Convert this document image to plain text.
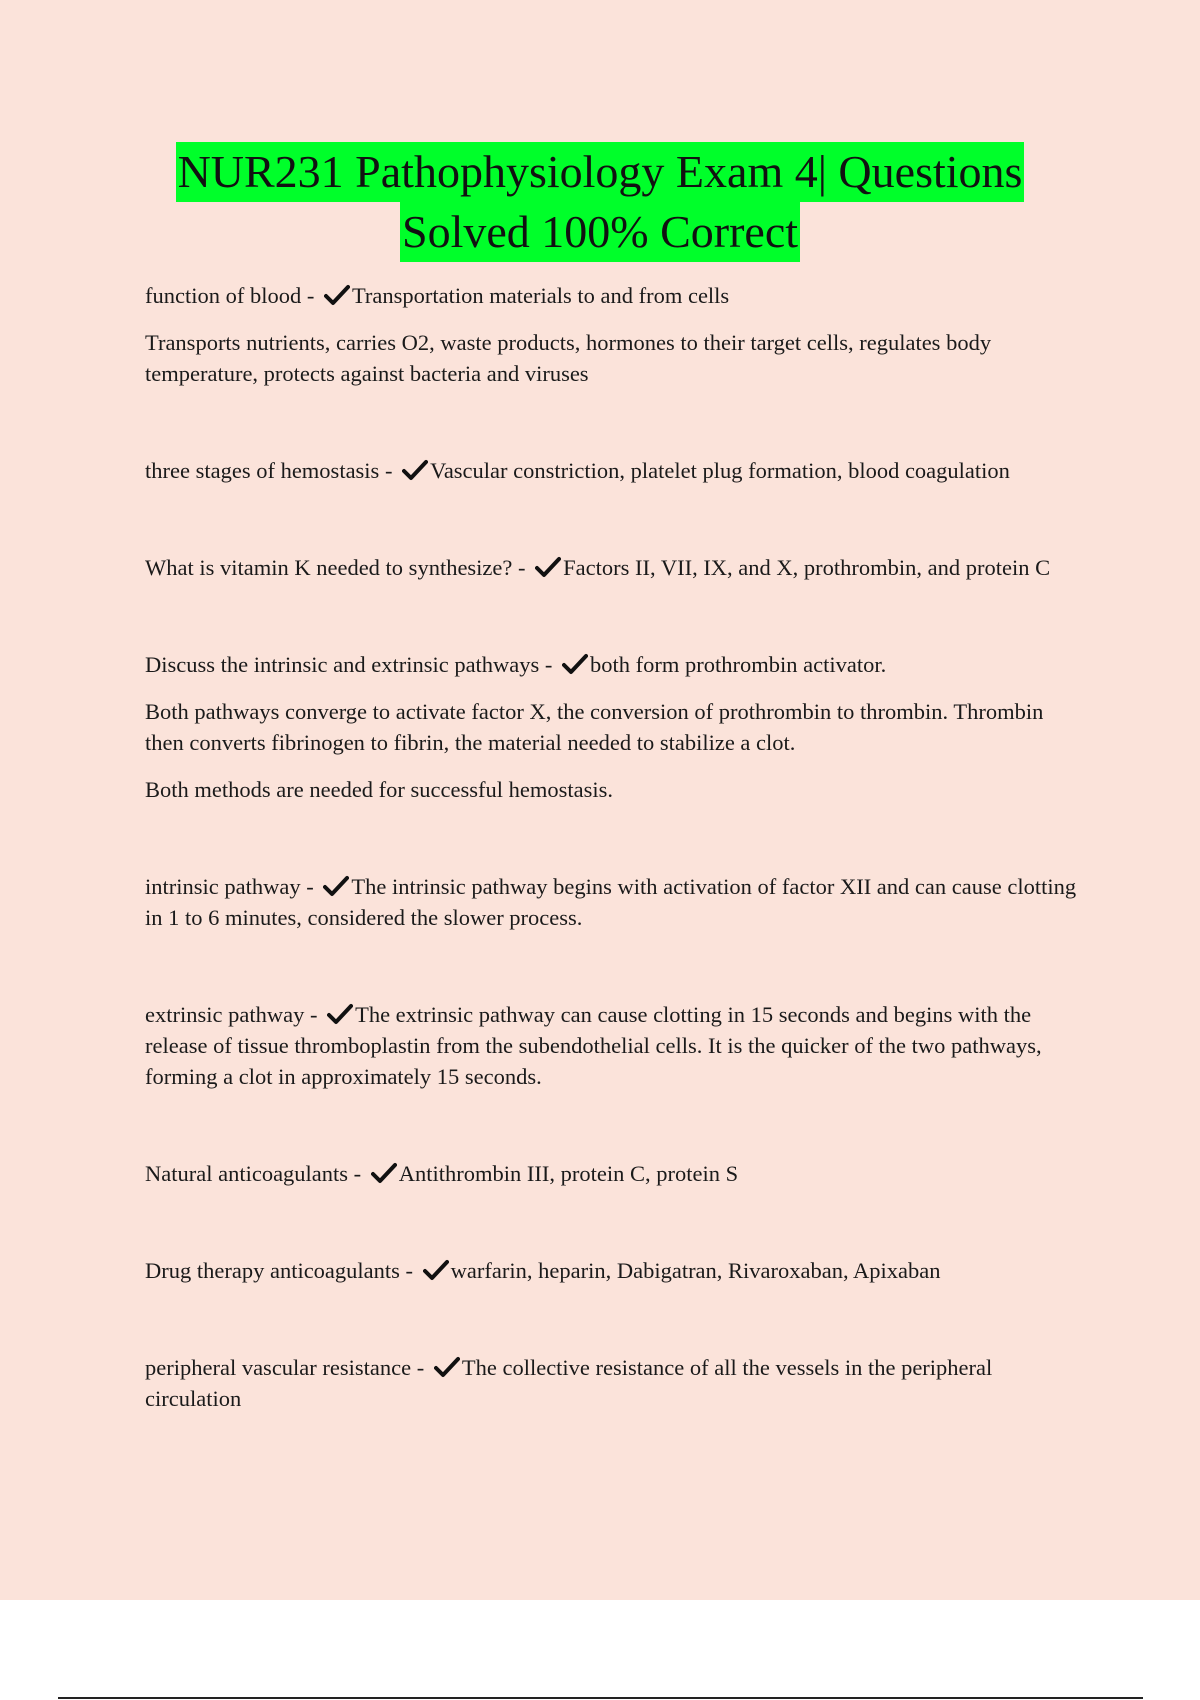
NUR231 Pathophysiology Exam 4| Questions
Solved 100% Correct

function of blood -
Transportation materials to and from cells

Transports nutrients, carries O2, waste products, hormones to their target cells, regulates body temperature, protects against bacteria and viruses

three stages of hemostasis -
Vascular constriction, platelet plug formation, blood coagulation

What is vitamin K needed to synthesize? -
Factors II, VII, IX, and X, prothrombin, and protein C

Discuss the intrinsic and extrinsic pathways -
both form prothrombin activator.

Both pathways converge to activate factor X, the conversion of prothrombin to thrombin. Thrombin then converts fibrinogen to fibrin, the material needed to stabilize a clot.

Both methods are needed for successful hemostasis.

intrinsic pathway -
The intrinsic pathway begins with activation of factor XII and can cause clotting in 1 to 6 minutes, considered the slower process.

extrinsic pathway -
The extrinsic pathway can cause clotting in 15 seconds and begins with the release of tissue thromboplastin from the subendothelial cells. It is the quicker of the two pathways, forming a clot in approximately 15 seconds.

Natural anticoagulants -
Antithrombin III, protein C, protein S

Drug therapy anticoagulants -
warfarin, heparin, Dabigatran, Rivaroxaban, Apixaban

peripheral vascular resistance -
The collective resistance of all the vessels in the peripheral circulation
